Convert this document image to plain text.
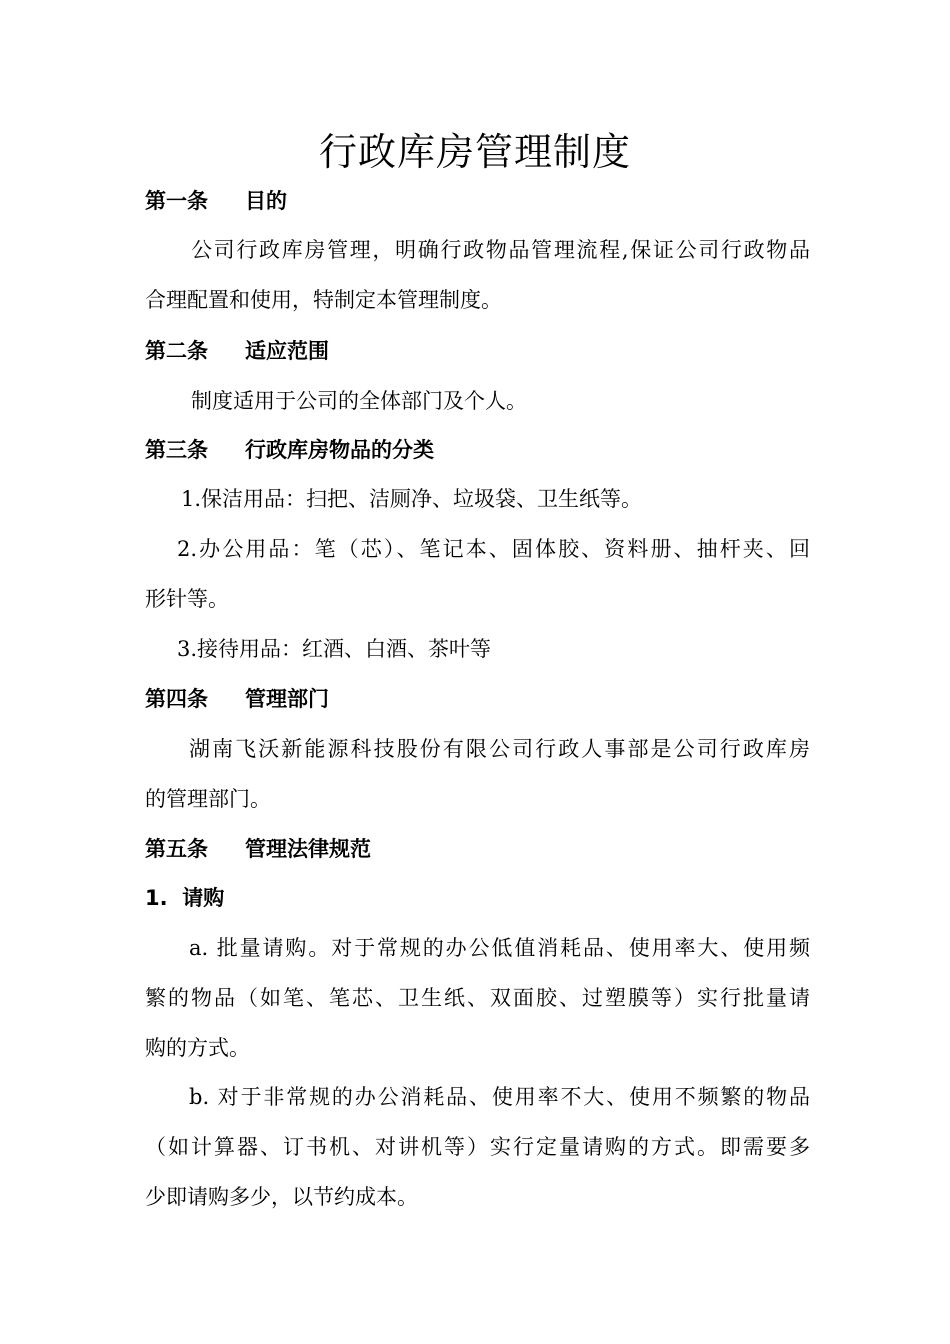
行政库房管理制度
第一条 目的

公司行政库房管理，明确行政物品管理流程,保证公司行政物品

合理配置和使用，特制定本管理制度。

第二条 适应范围

制度适用于公司的全体部门及个人。

第三条 行政库房物品的分类

1.保洁用品：扫把、洁厕净、垃圾袋、卫生纸等。

2.办公用品：笔（芯）、笔记本、固体胶、资料册、抽杆夹、回

形针等。

3.接待用品：红酒、白酒、茶叶等

第四条 管理部门

湖南飞沃新能源科技股份有限公司行政人事部是公司行政库房

的管理部门。

第五条 管理法律规范

1.  请购

a. 批量请购。对于常规的办公低值消耗品、使用率大、使用频

繁的物品（如笔、笔芯、卫生纸、双面胶、过塑膜等）实行批量请

购的方式。

b. 对于非常规的办公消耗品、使用率不大、使用不频繁的物品

（如计算器、订书机、对讲机等）实行定量请购的方式。即需要多

少即请购多少，以节约成本。
